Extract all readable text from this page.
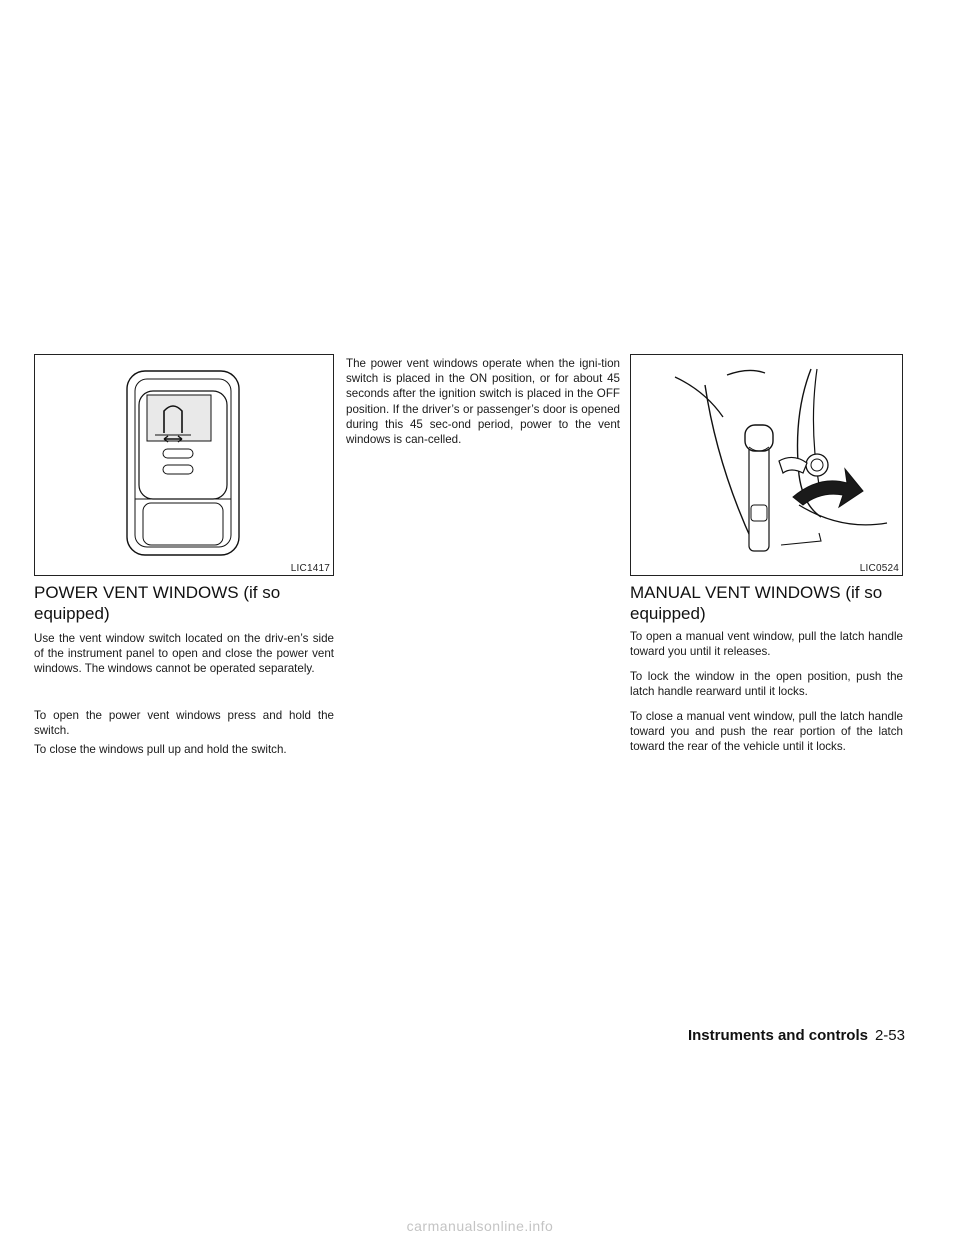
LIC1417
POWER VENT WINDOWS (if so equipped)

Use the vent window switch located on the driv-en’s side of the instrument panel to open and close the power vent windows. The windows cannot be operated separately.

To open the power vent windows press and hold the switch.

To close the windows pull up and hold the switch.

The power vent windows operate when the igni-tion switch is placed in the ON position, or for about 45 seconds after the ignition switch is placed in the OFF position. If the driver’s or passenger’s door is opened during this 45 sec-ond period, power to the vent windows is can-celled.

LIC0524
MANUAL VENT WINDOWS (if so equipped)

To open a manual vent window, pull the latch handle toward you until it releases.

To lock the window in the open position, push the latch handle rearward until it locks.

To close a manual vent window, pull the latch handle toward you and push the rear portion of the latch toward the rear of the vehicle until it locks.

Instruments and controls 2-53
carmanualsonline.info
